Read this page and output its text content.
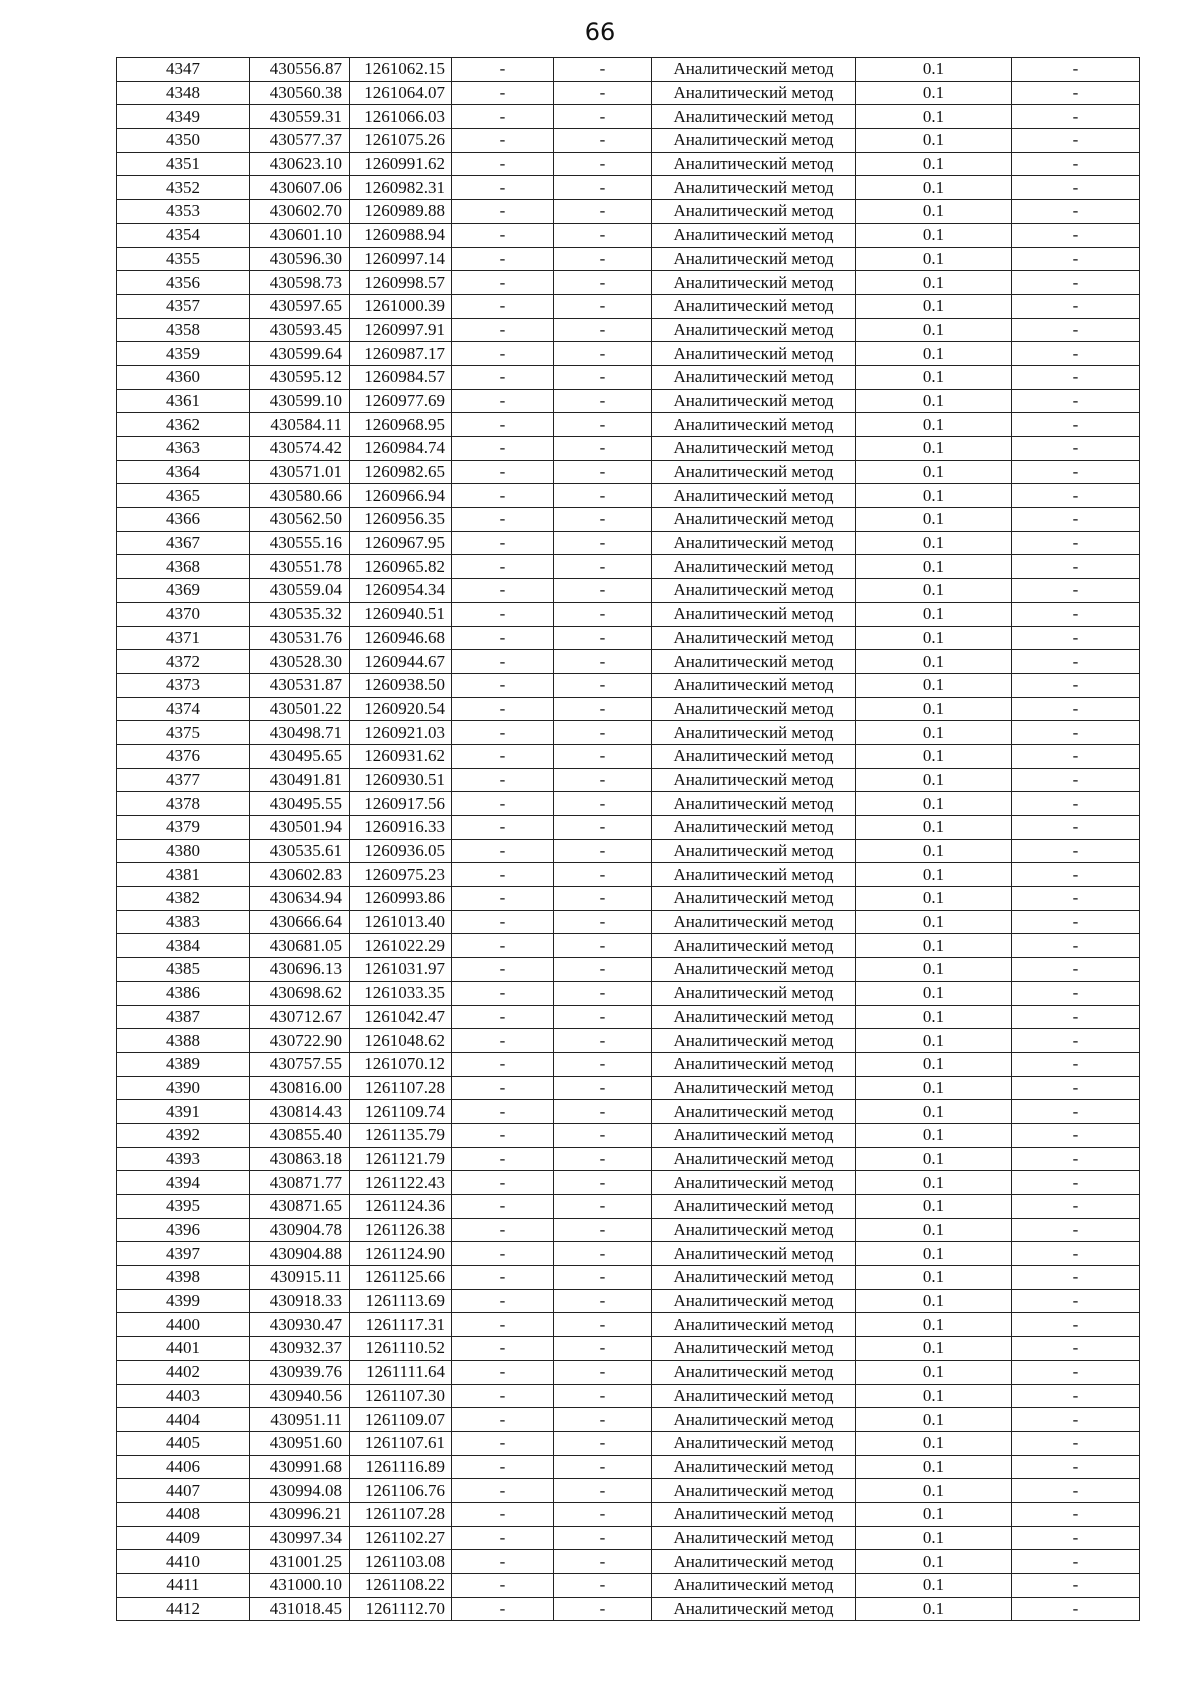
66
4347	430556.87	1261062.15	-	-	Аналитический метод	0.1	-
4348	430560.38	1261064.07	-	-	Аналитический метод	0.1	-
4349	430559.31	1261066.03	-	-	Аналитический метод	0.1	-
4350	430577.37	1261075.26	-	-	Аналитический метод	0.1	-
4351	430623.10	1260991.62	-	-	Аналитический метод	0.1	-
4352	430607.06	1260982.31	-	-	Аналитический метод	0.1	-
4353	430602.70	1260989.88	-	-	Аналитический метод	0.1	-
4354	430601.10	1260988.94	-	-	Аналитический метод	0.1	-
4355	430596.30	1260997.14	-	-	Аналитический метод	0.1	-
4356	430598.73	1260998.57	-	-	Аналитический метод	0.1	-
4357	430597.65	1261000.39	-	-	Аналитический метод	0.1	-
4358	430593.45	1260997.91	-	-	Аналитический метод	0.1	-
4359	430599.64	1260987.17	-	-	Аналитический метод	0.1	-
4360	430595.12	1260984.57	-	-	Аналитический метод	0.1	-
4361	430599.10	1260977.69	-	-	Аналитический метод	0.1	-
4362	430584.11	1260968.95	-	-	Аналитический метод	0.1	-
4363	430574.42	1260984.74	-	-	Аналитический метод	0.1	-
4364	430571.01	1260982.65	-	-	Аналитический метод	0.1	-
4365	430580.66	1260966.94	-	-	Аналитический метод	0.1	-
4366	430562.50	1260956.35	-	-	Аналитический метод	0.1	-
4367	430555.16	1260967.95	-	-	Аналитический метод	0.1	-
4368	430551.78	1260965.82	-	-	Аналитический метод	0.1	-
4369	430559.04	1260954.34	-	-	Аналитический метод	0.1	-
4370	430535.32	1260940.51	-	-	Аналитический метод	0.1	-
4371	430531.76	1260946.68	-	-	Аналитический метод	0.1	-
4372	430528.30	1260944.67	-	-	Аналитический метод	0.1	-
4373	430531.87	1260938.50	-	-	Аналитический метод	0.1	-
4374	430501.22	1260920.54	-	-	Аналитический метод	0.1	-
4375	430498.71	1260921.03	-	-	Аналитический метод	0.1	-
4376	430495.65	1260931.62	-	-	Аналитический метод	0.1	-
4377	430491.81	1260930.51	-	-	Аналитический метод	0.1	-
4378	430495.55	1260917.56	-	-	Аналитический метод	0.1	-
4379	430501.94	1260916.33	-	-	Аналитический метод	0.1	-
4380	430535.61	1260936.05	-	-	Аналитический метод	0.1	-
4381	430602.83	1260975.23	-	-	Аналитический метод	0.1	-
4382	430634.94	1260993.86	-	-	Аналитический метод	0.1	-
4383	430666.64	1261013.40	-	-	Аналитический метод	0.1	-
4384	430681.05	1261022.29	-	-	Аналитический метод	0.1	-
4385	430696.13	1261031.97	-	-	Аналитический метод	0.1	-
4386	430698.62	1261033.35	-	-	Аналитический метод	0.1	-
4387	430712.67	1261042.47	-	-	Аналитический метод	0.1	-
4388	430722.90	1261048.62	-	-	Аналитический метод	0.1	-
4389	430757.55	1261070.12	-	-	Аналитический метод	0.1	-
4390	430816.00	1261107.28	-	-	Аналитический метод	0.1	-
4391	430814.43	1261109.74	-	-	Аналитический метод	0.1	-
4392	430855.40	1261135.79	-	-	Аналитический метод	0.1	-
4393	430863.18	1261121.79	-	-	Аналитический метод	0.1	-
4394	430871.77	1261122.43	-	-	Аналитический метод	0.1	-
4395	430871.65	1261124.36	-	-	Аналитический метод	0.1	-
4396	430904.78	1261126.38	-	-	Аналитический метод	0.1	-
4397	430904.88	1261124.90	-	-	Аналитический метод	0.1	-
4398	430915.11	1261125.66	-	-	Аналитический метод	0.1	-
4399	430918.33	1261113.69	-	-	Аналитический метод	0.1	-
4400	430930.47	1261117.31	-	-	Аналитический метод	0.1	-
4401	430932.37	1261110.52	-	-	Аналитический метод	0.1	-
4402	430939.76	1261111.64	-	-	Аналитический метод	0.1	-
4403	430940.56	1261107.30	-	-	Аналитический метод	0.1	-
4404	430951.11	1261109.07	-	-	Аналитический метод	0.1	-
4405	430951.60	1261107.61	-	-	Аналитический метод	0.1	-
4406	430991.68	1261116.89	-	-	Аналитический метод	0.1	-
4407	430994.08	1261106.76	-	-	Аналитический метод	0.1	-
4408	430996.21	1261107.28	-	-	Аналитический метод	0.1	-
4409	430997.34	1261102.27	-	-	Аналитический метод	0.1	-
4410	431001.25	1261103.08	-	-	Аналитический метод	0.1	-
4411	431000.10	1261108.22	-	-	Аналитический метод	0.1	-
4412	431018.45	1261112.70	-	-	Аналитический метод	0.1	-
